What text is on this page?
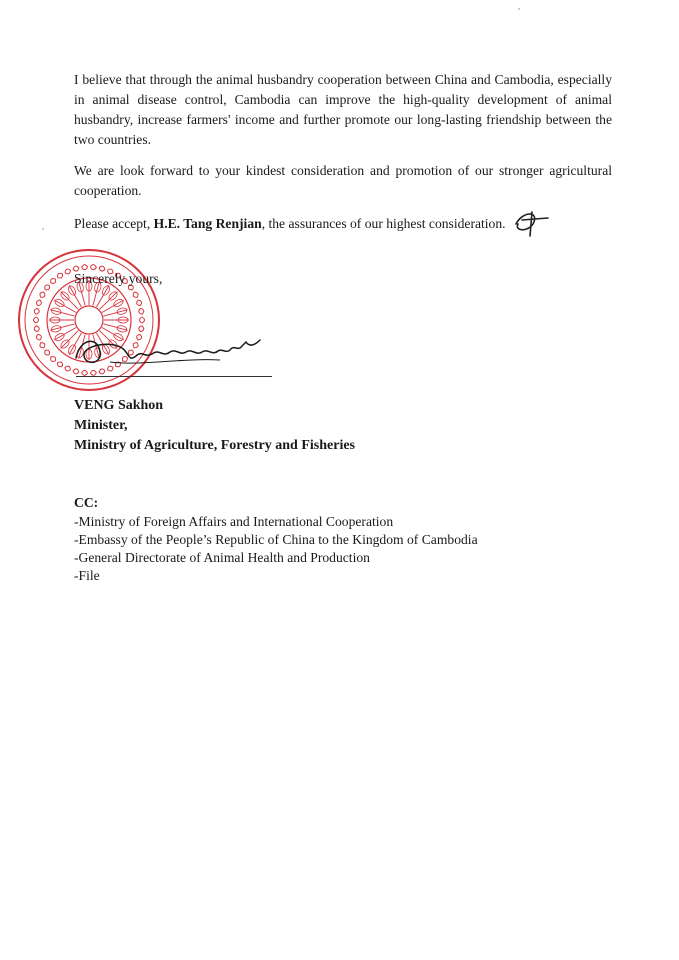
I believe that through the animal husbandry cooperation between China and Cambodia, especially in animal disease control, Cambodia can improve the high-quality development of animal husbandry, increase farmers' income and further promote our long-lasting friendship between the two countries.

We are look forward to your kindest consideration and promotion of our stronger agricultural cooperation.

Please accept, H.E. Tang Renjian, the assurances of our highest consideration.

Sincerely yours,

VENG Sakhon
Minister,
Ministry of Agriculture, Forestry and Fisheries
CC:
-Ministry of Foreign Affairs and International Cooperation
-Embassy of the People’s Republic of China to the Kingdom of Cambodia
-General Directorate of Animal Health and Production
-File
